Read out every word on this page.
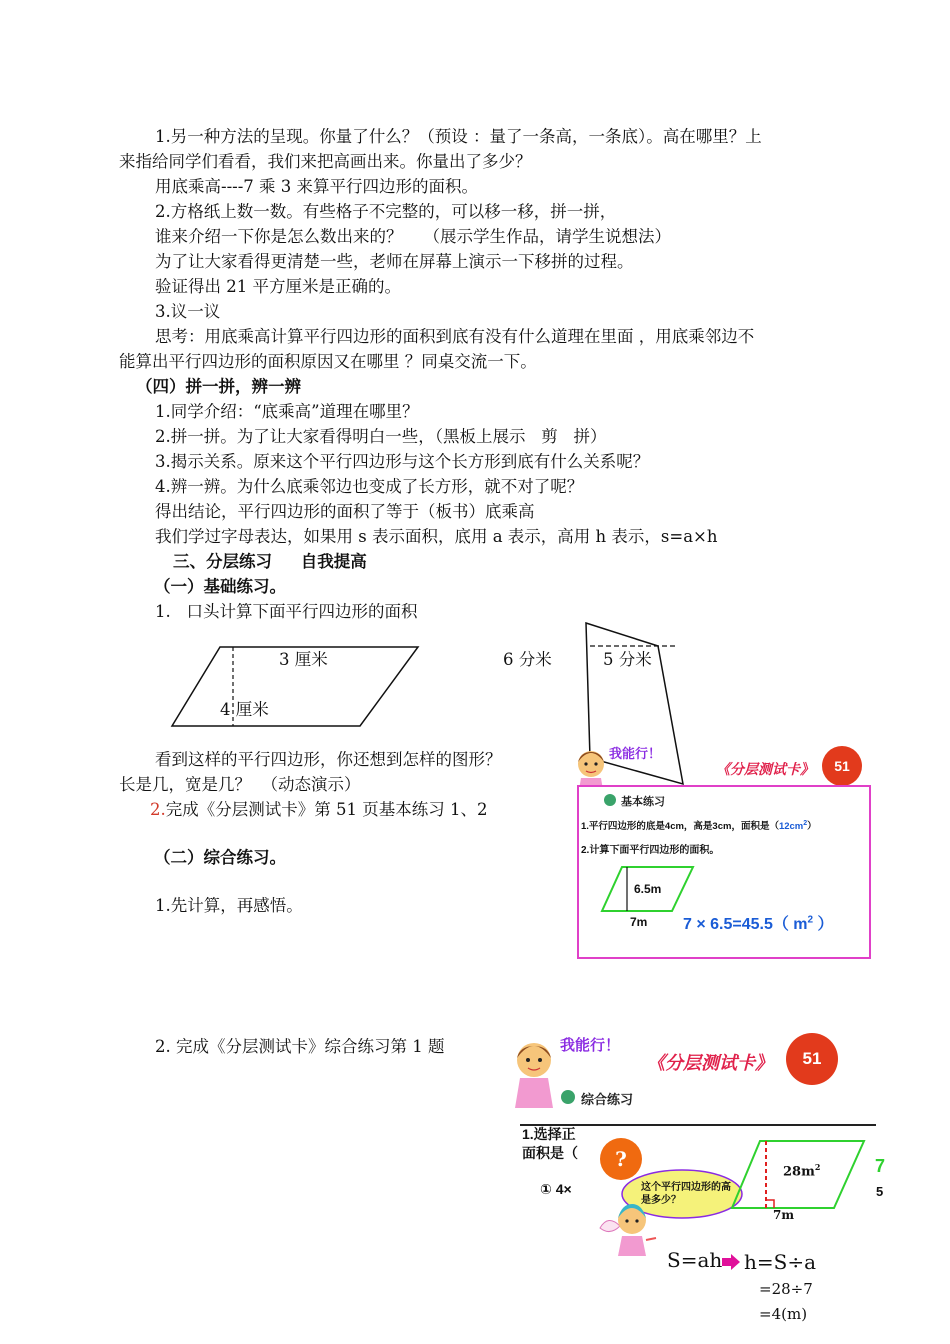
1.另一种方法的呈现。你量了什么？（预设 ：量了一条高，一条底）。高在哪里？上
来指给同学们看看，我们来把高画出来。你量出了多少？
用底乘高----7 乘 3 来算平行四边形的面积。
2.方格纸上数一数。有些格子不完整的，可以移一移，拼一拼，
谁来介绍一下你是怎么数出来的？    （展示学生作品，请学生说想法）
为了让大家看得更清楚一些，老师在屏幕上演示一下移拼的过程。
验证得出 21 平方厘米是正确的。
3.议一议
思考：用底乘高计算平行四边形的面积到底有没有什么道理在里面 ，用底乘邻边不
能算出平行四边形的面积原因又在哪里 ？同桌交流一下。
（四）拼一拼，辨一辨
1.同学介绍：“底乘高”道理在哪里？
2.拼一拼。为了让大家看得明白一些，（黑板上展示   剪   拼）
3.揭示关系。原来这个平行四边形与这个长方形到底有什么关系呢？
4.辨一辨。为什么底乘邻边也变成了长方形，就不对了呢？
得出结论，平行四边形的面积了等于（板书）底乘高
我们学过字母表达，如果用 s 表示面积，底用 a 表示，高用 h 表示，s=a×h
三、分层练习     自我提高
（一）基础练习。
1.   口头计算下面平行四边形的面积
3 厘米
4 厘米
6 分米	5 分米
看到这样的平行四边形，你还想到怎样的图形？
长是几，宽是几？  （动态演示）
2.完成《分层测试卡》第 51 页基本练习 1、2
（二）综合练习。
1.先计算，再感悟。
2. 完成《分层测试卡》综合练习第 1 题
我能行！
《分层测试卡》	51
基本练习
1.平行四边形的底是4cm，高是3cm，面积是$(12cm^2)$
2.计算下面平行四边形的面积。
6.5m
7m 7 × 6.5=45.5（ $m^2$ ）
我能行！
《分层测试卡》	51
综合练习
1.选择正
面积是（
① 4×
?
这个平行四边形的高是多少？
$28m^2$
7m
7
5
S=ah h=S÷a
=28÷7
=4(m)
